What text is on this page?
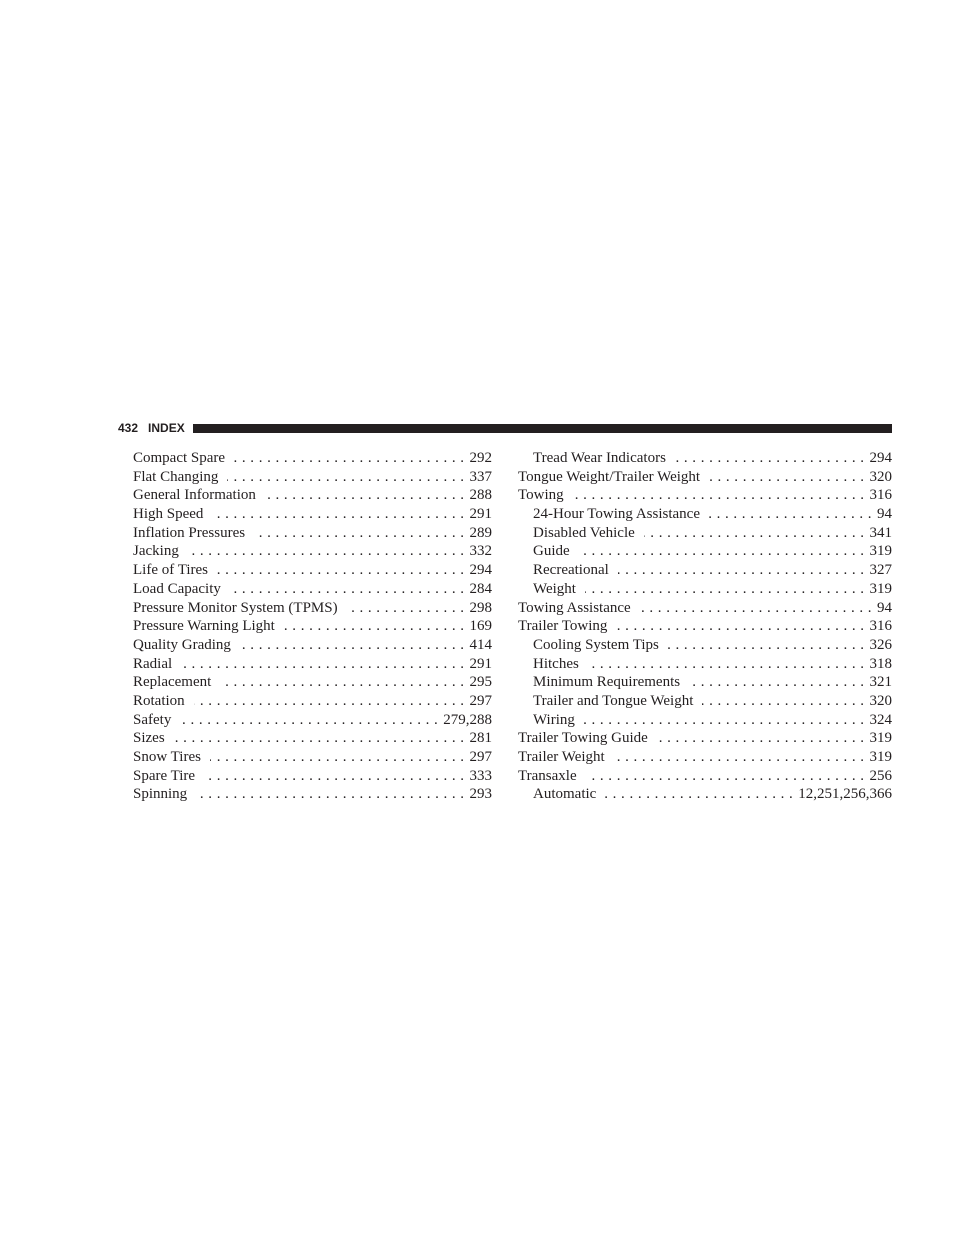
432 INDEX
Compact Spare . . .	292
Flat Changing . . .	337
General Information . . .	288
High Speed . . .	291
Inflation Pressures . . .	289
Jacking . . .	332
Life of Tires . . .	294
Load Capacity . . .	284
Pressure Monitor System (TPMS) . . .	298
Pressure Warning Light . . .	169
Quality Grading . . .	414
Radial . . .	291
Replacement . . .	295
Rotation . . .	297
Safety . . .	279,288
Sizes . . .	281
Snow Tires . . .	297
Spare Tire . . .	333
Spinning . . .	293
Tread Wear Indicators . . .	294
Tongue Weight/Trailer Weight . . .	320
Towing . . .	316
24-Hour Towing Assistance . . .	94
Disabled Vehicle . . .	341
Guide . . .	319
Recreational . . .	327
Weight . . .	319
Towing Assistance . . .	94
Trailer Towing . . .	316
Cooling System Tips . . .	326
Hitches . . .	318
Minimum Requirements . . .	321
Trailer and Tongue Weight . . .	320
Wiring . . .	324
Trailer Towing Guide . . .	319
Trailer Weight . . .	319
Transaxle . . .	256
Automatic . . .	12,251,256,366
